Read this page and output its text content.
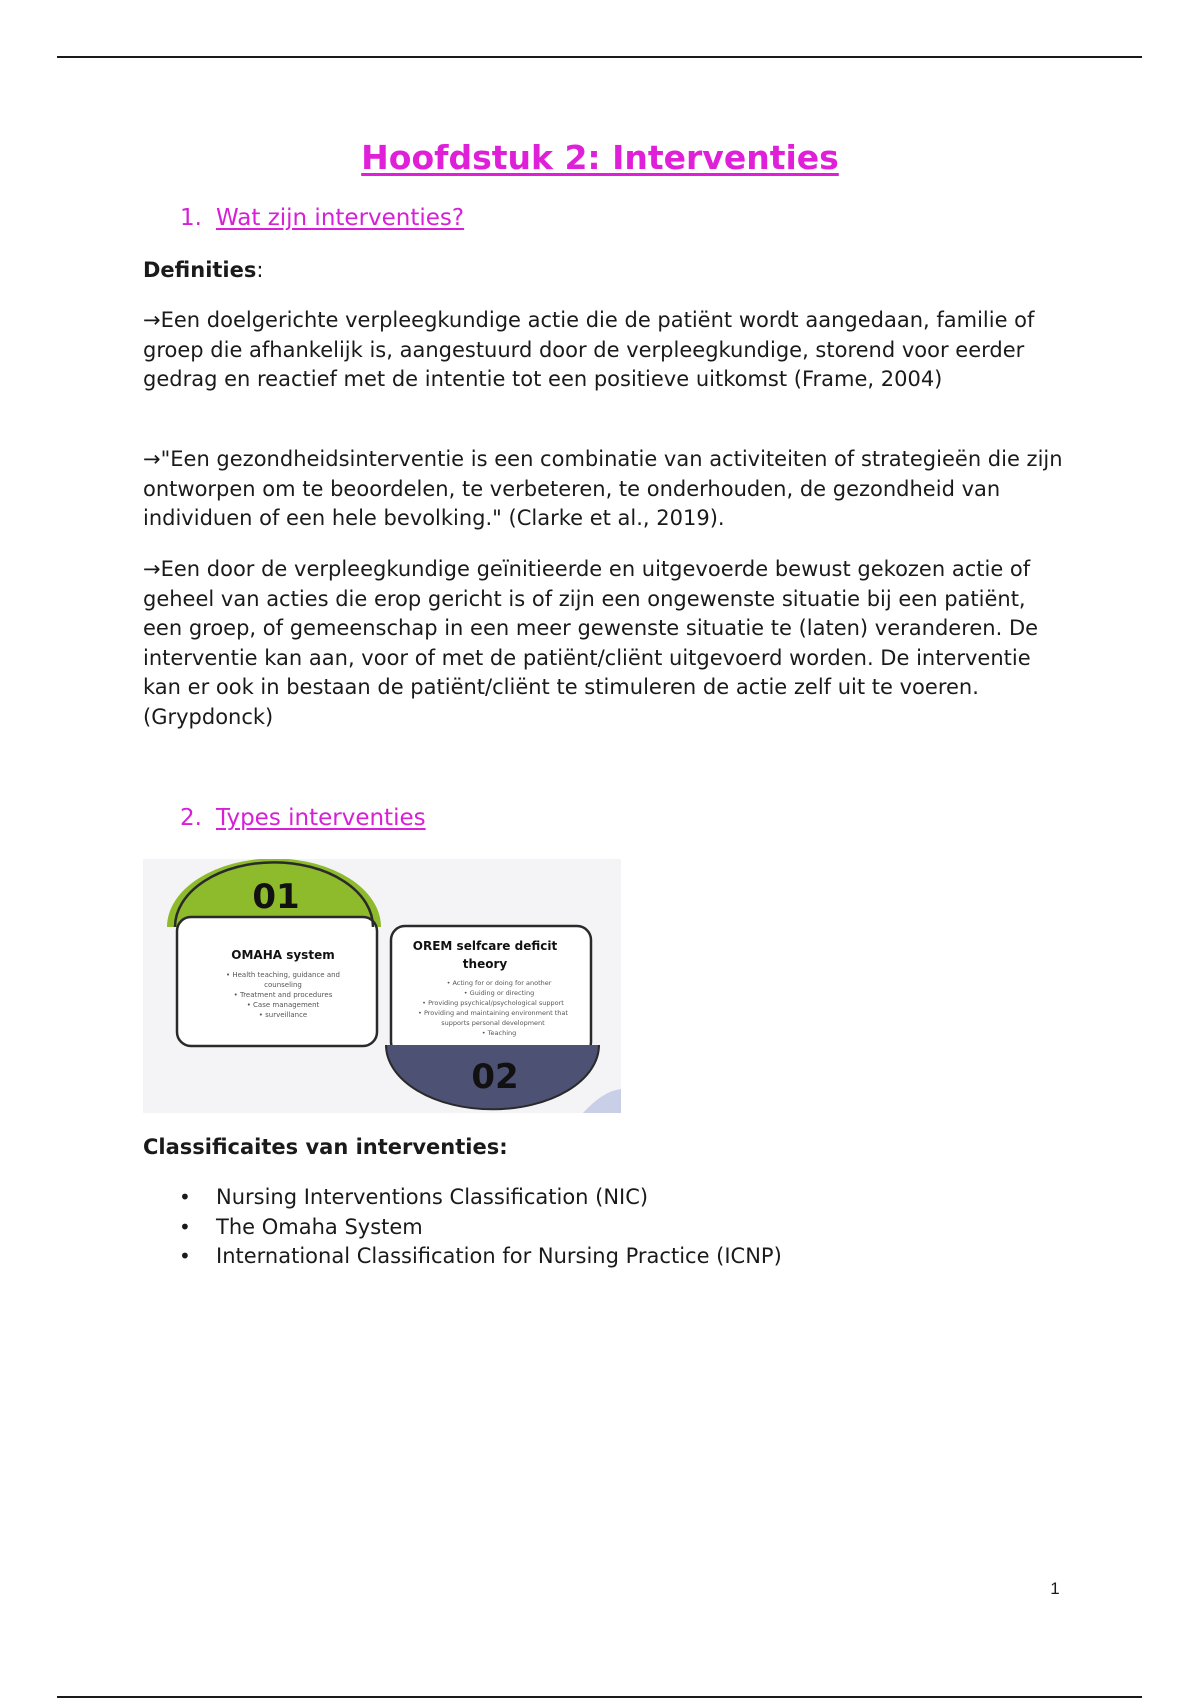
Hoofdstuk 2: Interventies
1. Wat zijn interventies?

Definities:

→Een doelgerichte verpleegkundige actie die de patiënt wordt aangedaan, familie of groep die afhankelijk is, aangestuurd door de verpleegkundige, storend voor eerder gedrag en reactief met de intentie tot een positieve uitkomst (Frame, 2004)

→"Een gezondheidsinterventie is een combinatie van activiteiten of strategieën die zijn ontworpen om te beoordelen, te verbeteren, te onderhouden, de gezondheid van individuen of een hele bevolking." (Clarke et al., 2019).

→Een door de verpleegkundige geïnitieerde en uitgevoerde bewust gekozen actie of geheel van acties die erop gericht is of zijn een ongewenste situatie bij een patiënt, een groep, of gemeenschap in een meer gewenste situatie te (laten) veranderen. De interventie kan aan, voor of met de patiënt/cliënt uitgevoerd worden. De interventie kan er ook in bestaan de patiënt/cliënt te stimuleren de actie zelf uit te voeren. (Grypdonck)

2. Types interventies
01
OMAHA system
• Health teaching, guidance and
counseling
• Treatment and procedures
• Case management
• surveillance
OREM selfcare deficit
theory
• Acting for or doing for another
• Guiding or directing
• Providing psychical/psychological support
• Providing and maintaining environment that
supports personal development
• Teaching
02

Classificaites van interventies:

• Nursing Interventions Classification (NIC)
• The Omaha System
• International Classification for Nursing Practice (ICNP)
1
